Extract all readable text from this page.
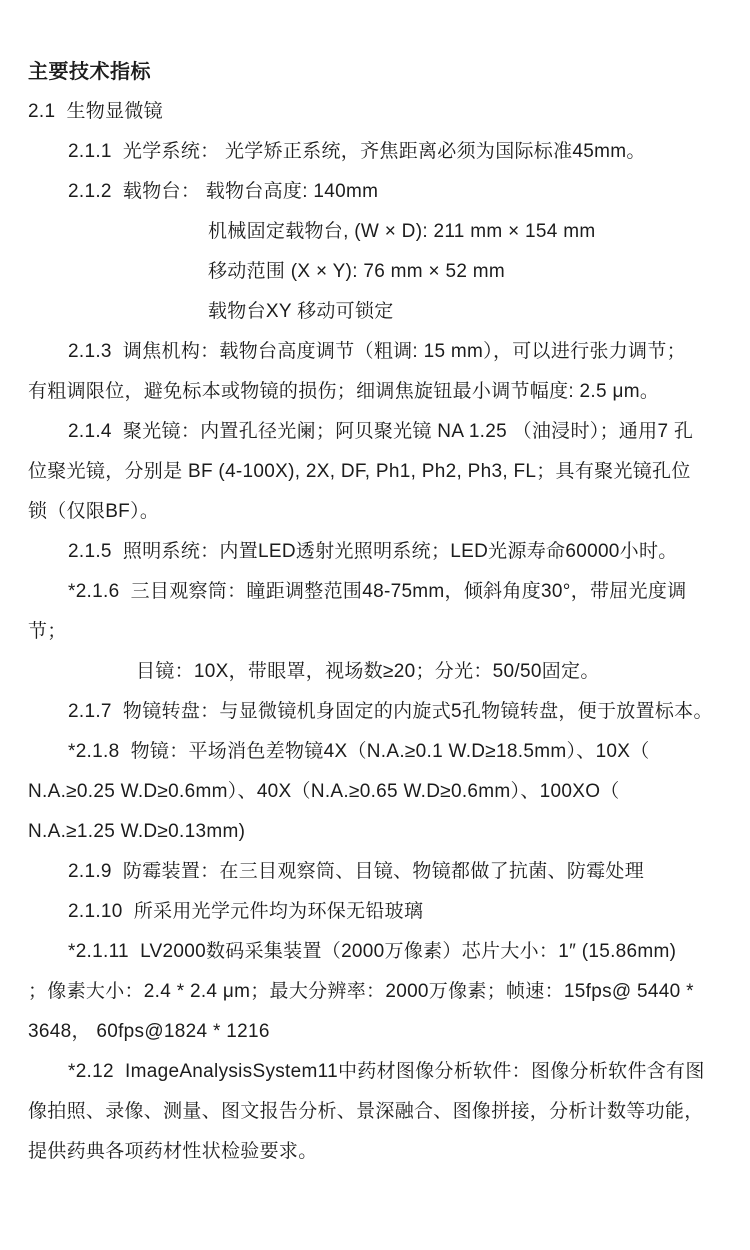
主要技术指标
2.1  生物显微镜
2.1.1  光学系统： 光学矫正系统，齐焦距离必须为国际标准45mm。
2.1.2  载物台： 载物台高度: 140mm
机械固定载物台, (W × D): 211 mm × 154 mm
移动范围 (X × Y): 76 mm × 52 mm
载物台XY 移动可锁定
2.1.3  调焦机构：载物台高度调节（粗调: 15 mm），可以进行张力调节；
有粗调限位，避免标本或物镜的损伤；细调焦旋钮最小调节幅度: 2.5 μm。
2.1.4  聚光镜：内置孔径光阑；阿贝聚光镜 NA 1.25 （油浸时）；通用7 孔
位聚光镜，分别是 BF (4-100X), 2X, DF, Ph1, Ph2, Ph3, FL；具有聚光镜孔位
锁（仅限BF）。
2.1.5  照明系统：内置LED透射光照明系统；LED光源寿命60000小时。
*2.1.6  三目观察筒：瞳距调整范围48-75mm，倾斜角度30°，带屈光度调
节；
目镜：10X，带眼罩，视场数≥20；分光：50/50固定。
2.1.7  物镜转盘：与显微镜机身固定的内旋式5孔物镜转盘，便于放置标本。
*2.1.8  物镜：平场消色差物镜4X（N.A.≥0.1 W.D≥18.5mm）、10X（
N.A.≥0.25 W.D≥0.6mm）、40X（N.A.≥0.65 W.D≥0.6mm）、100XO（
N.A.≥1.25 W.D≥0.13mm)
2.1.9  防霉装置：在三目观察筒、目镜、物镜都做了抗菌、防霉处理
2.1.10  所采用光学元件均为环保无铅玻璃
*2.1.11  LV2000数码采集装置（2000万像素）芯片大小：1″ (15.86mm)
；像素大小：2.4 * 2.4 μm；最大分辨率：2000万像素；帧速：15fps@ 5440 *
3648， 60fps@1824 * 1216
*2.12  ImageAnalysisSystem11中药材图像分析软件：图像分析软件含有图
像拍照、录像、测量、图文报告分析、景深融合、图像拼接，分析计数等功能，
提供药典各项药材性状检验要求。
